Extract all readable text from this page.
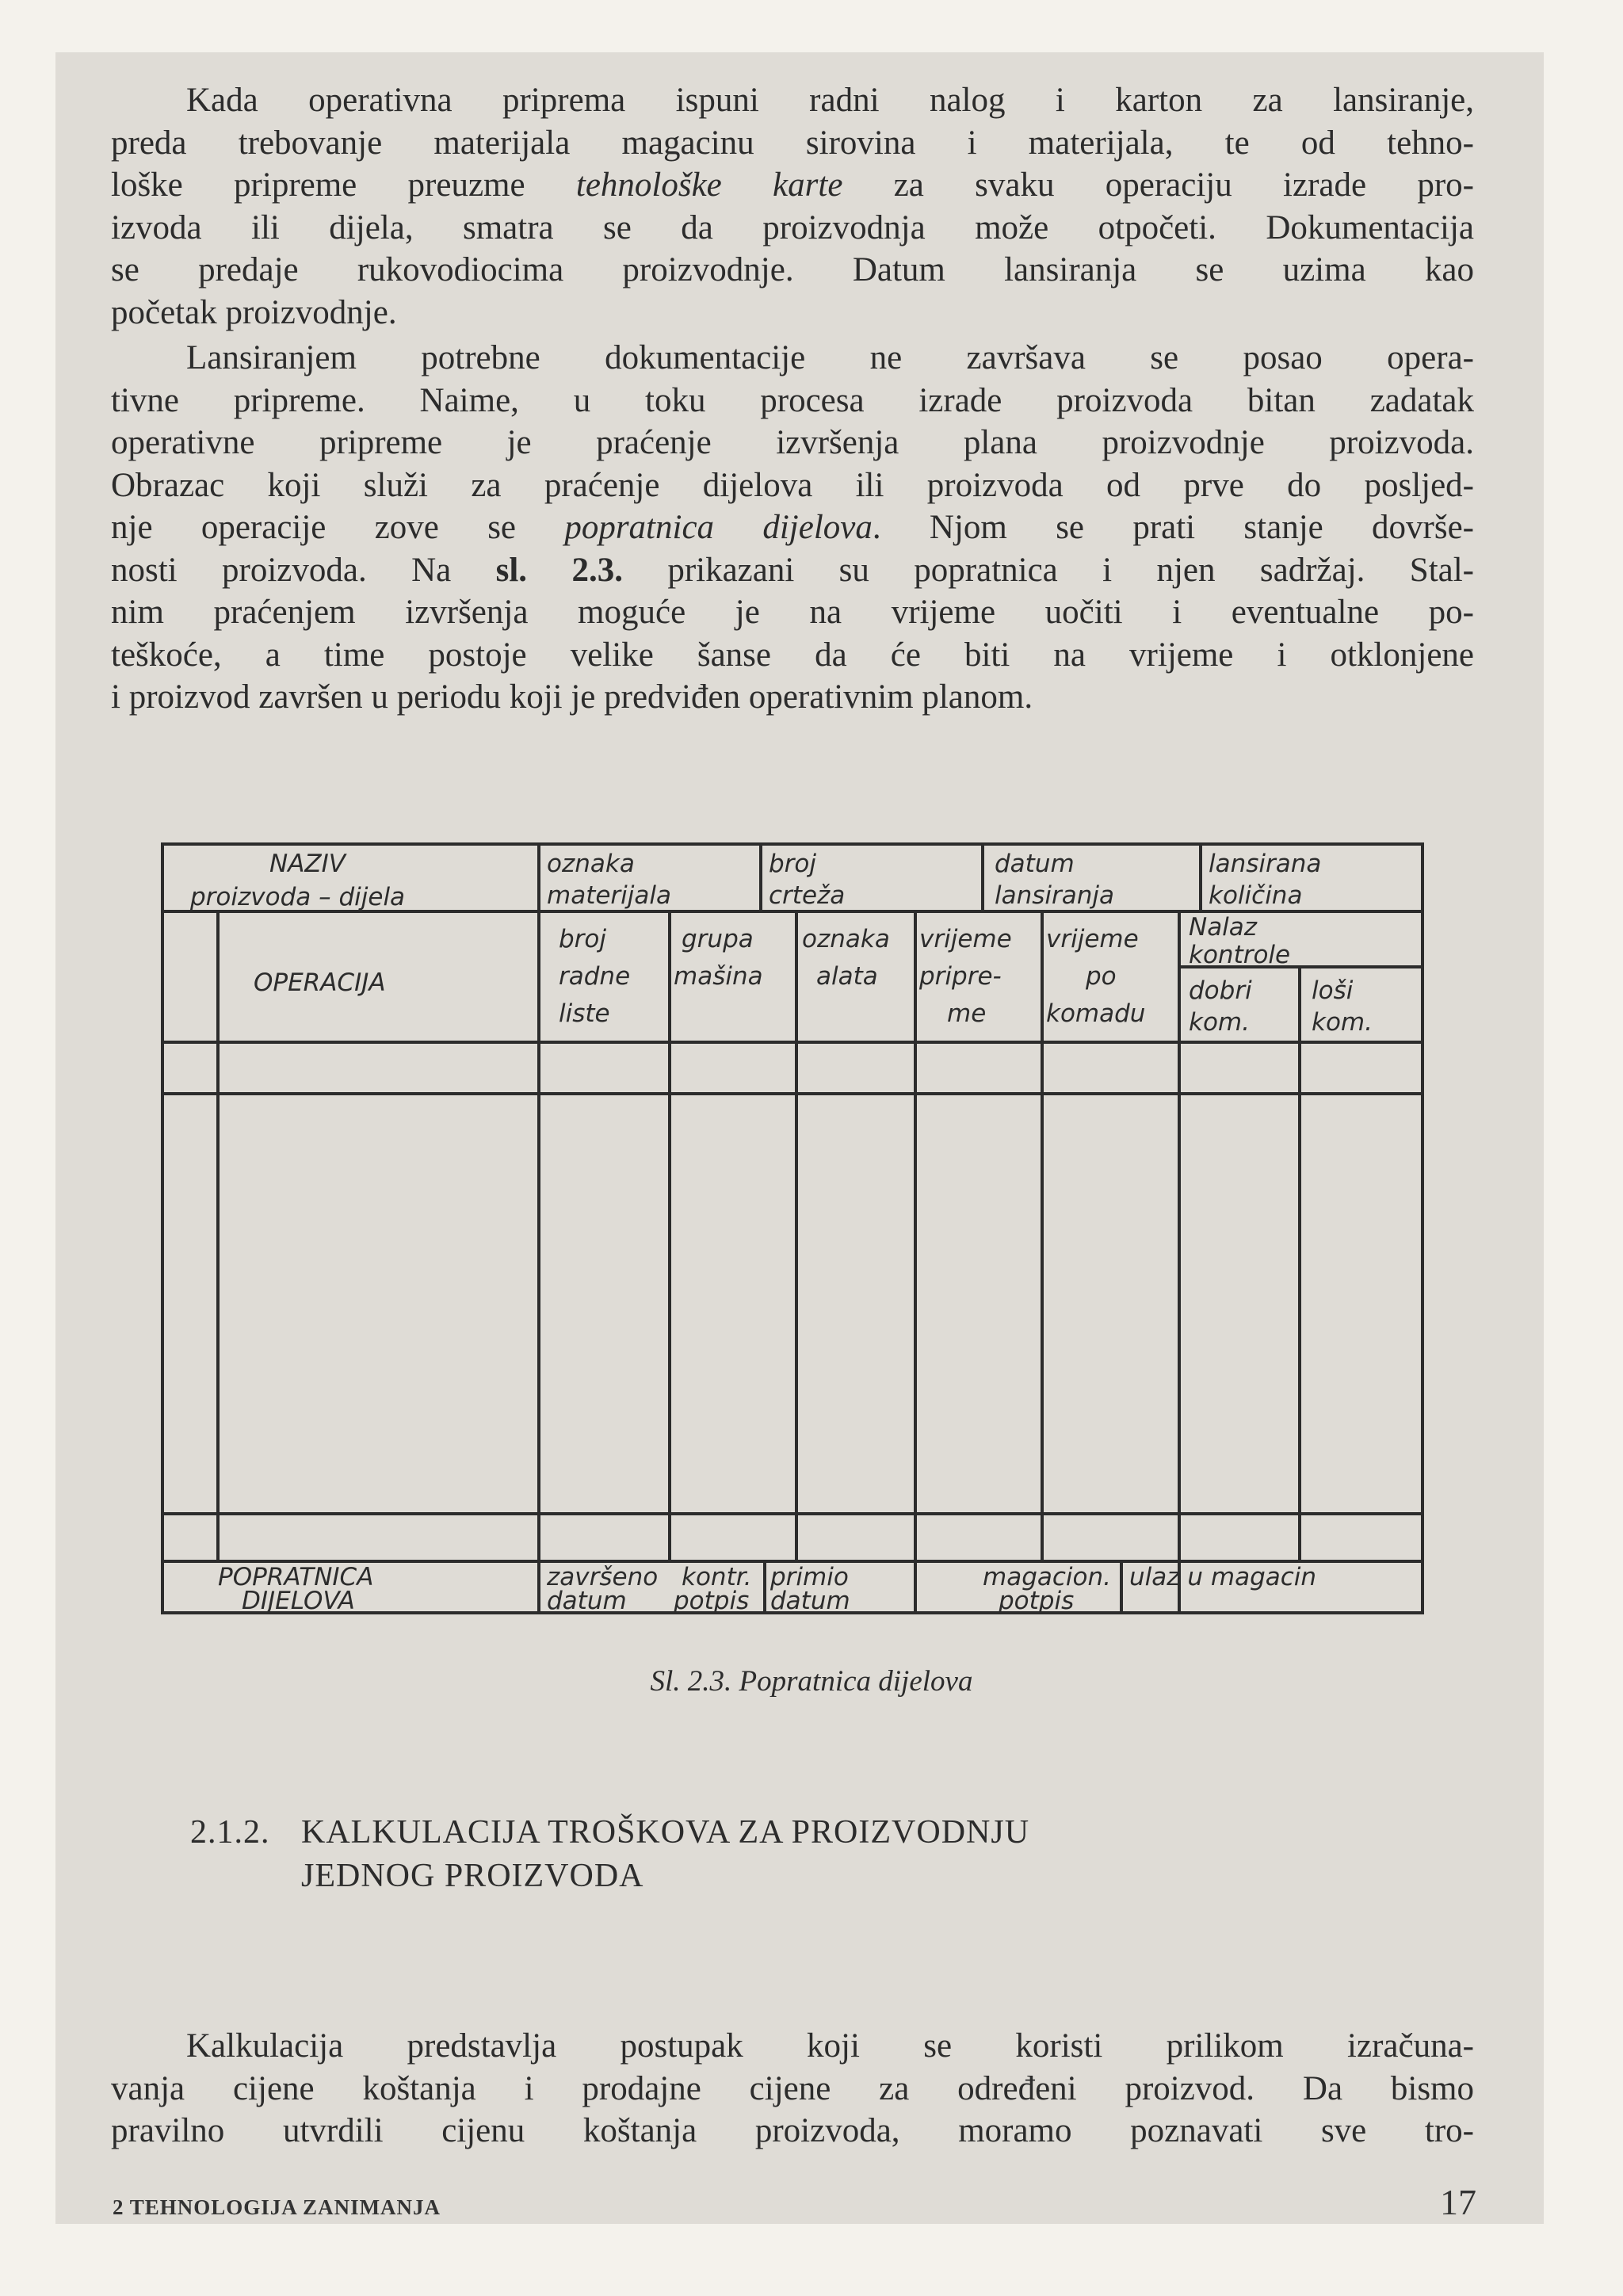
Kada operativna priprema ispuni radni nalog i karton za lansiranje,
preda trebovanje materijala magacinu sirovina i materijala, te od tehno-
loške pripreme preuzme tehnološke karte za svaku operaciju izrade pro-
izvoda ili dijela, smatra se da proizvodnja može otpočeti. Dokumentacija
se predaje rukovodiocima proizvodnje. Datum lansiranja se uzima kao
početak proizvodnje.
Lansiranjem potrebne dokumentacije ne završava se posao opera-
tivne pripreme. Naime, u toku procesa izrade proizvoda bitan zadatak
operativne pripreme je praćenje izvršenja plana proizvodnje proizvoda.
Obrazac koji služi za praćenje dijelova ili proizvoda od prve do posljed-
nje operacije zove se popratnica dijelova. Njom se prati stanje dovrše-
nosti proizvoda. Na sl. 2.3. prikazani su popratnica i njen sadržaj. Stal-
nim praćenjem izvršenja moguće je na vrijeme uočiti i eventualne po-
teškoće, a time postoje velike šanse da će biti na vrijeme i otklonjene
i proizvod završen u periodu koji je predviđen operativnim planom.
NAZIV
proizvoda – dijela
oznaka
materijala
broj
crteža
datum
lansiranja
lansirana
količina
OPERACIJA
broj
radne
liste
grupa
mašina
oznaka
alata
vrijeme
pripre-
me
vrijeme
po
komadu
Nalaz
kontrole
dobri
kom.
loši
kom.
POPRATNICA
DIJELOVA
završeno
datum
kontr.
potpis
primio
datum
magacion.
potpis
ulaz u magacin
Sl. 2.3. Popratnica dijelova
2.1.2. KALKULACIJA TROŠKOVA ZA PROIZVODNJU
JEDNOG PROIZVODA
Kalkulacija predstavlja postupak koji se koristi prilikom izračuna-
vanja cijene koštanja i prodajne cijene za određeni proizvod. Da bismo
pravilno utvrdili cijenu koštanja proizvoda, moramo poznavati sve tro-
2 TEHNOLOGIJA ZANIMANJA	17
